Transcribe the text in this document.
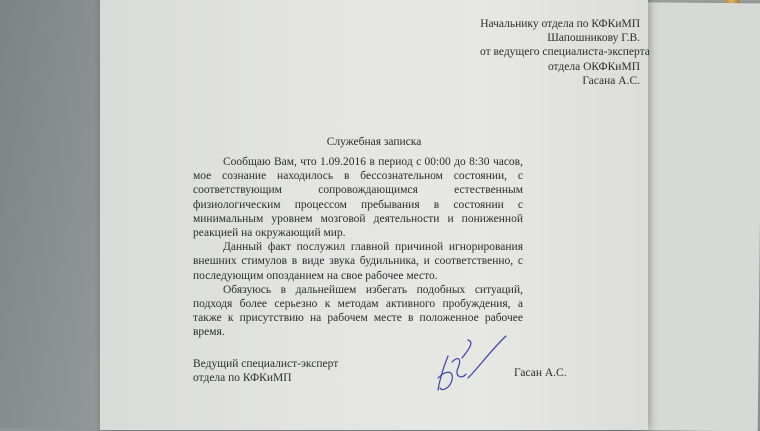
Начальнику отдела по КФКиМП
Шапошникову Г.В.
от ведущего специалиста-эксперта
отдела ОКФКиМП
Гасана А.С.
Служебная записка

Сообщаю Вам, что 1.09.2016 в период с 00:00 до 8:30 часов, мое сознание находилось в бессознательном состоянии, с соответствующим сопровождающимся естественным физиологическим процессом пребывания в состоянии с минимальным уровнем мозговой деятельности и пониженной реакцией на окружающий мир.

Данный факт послужил главной причиной игнорирования внешних стимулов в виде звука будильника, и соответственно, с последующим опозданием на свое рабочее место.

Обязуюсь в дальнейшем избегать подобных ситуаций, подходя более серьезно к методам активного пробуждения, а также к присутствию на рабочем месте в положенное рабочее время.

Ведущий специалист-эксперт
отдела по КФКиМП	Гасан А.С.
